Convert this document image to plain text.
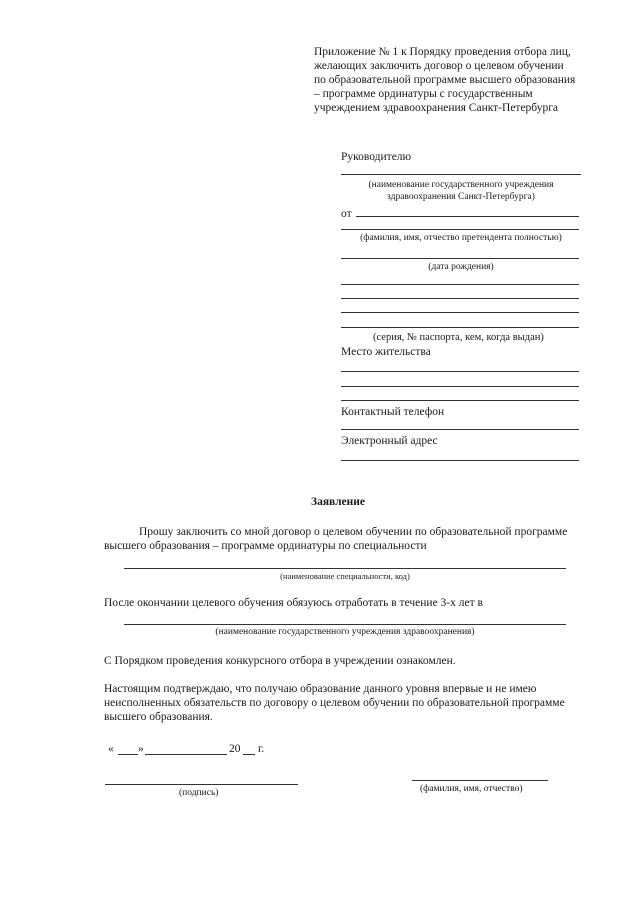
Приложение № 1 к Порядку проведения отбора лиц,
желающих заключить договор о целевом обучении
по образовательной программе высшего образования
– программе ординатуры с государственным
учреждением здравоохранения Санкт-Петербурга
Руководителю
(наименование государственного учреждения
здравоохранения Санкт-Петербурга)
от
(фамилия, имя, отчество претендента полностью)
(дата рождения)
(серия, № паспорта, кем, когда выдан)
Место жительства
Контактный телефон
Электронный адрес
Заявление
Прошу заключить со мной договор о целевом обучении по образовательной программе
высшего образования – программе ординатуры по специальности
(наименование специальности, код)
После окончании целевого обучения обязуюсь отработать в течение 3-х лет в
(наименование государственного учреждения здравоохранения)
С Порядком проведения конкурсного отбора в учреждении ознакомлен.
Настоящим подтверждаю, что получаю образование данного уровня впервые и не имею
неисполненных обязательств по договору о целевом обучении по образовательной программе
высшего образования.
« »	20 г.
(подпись)	(фамилия, имя, отчество)
